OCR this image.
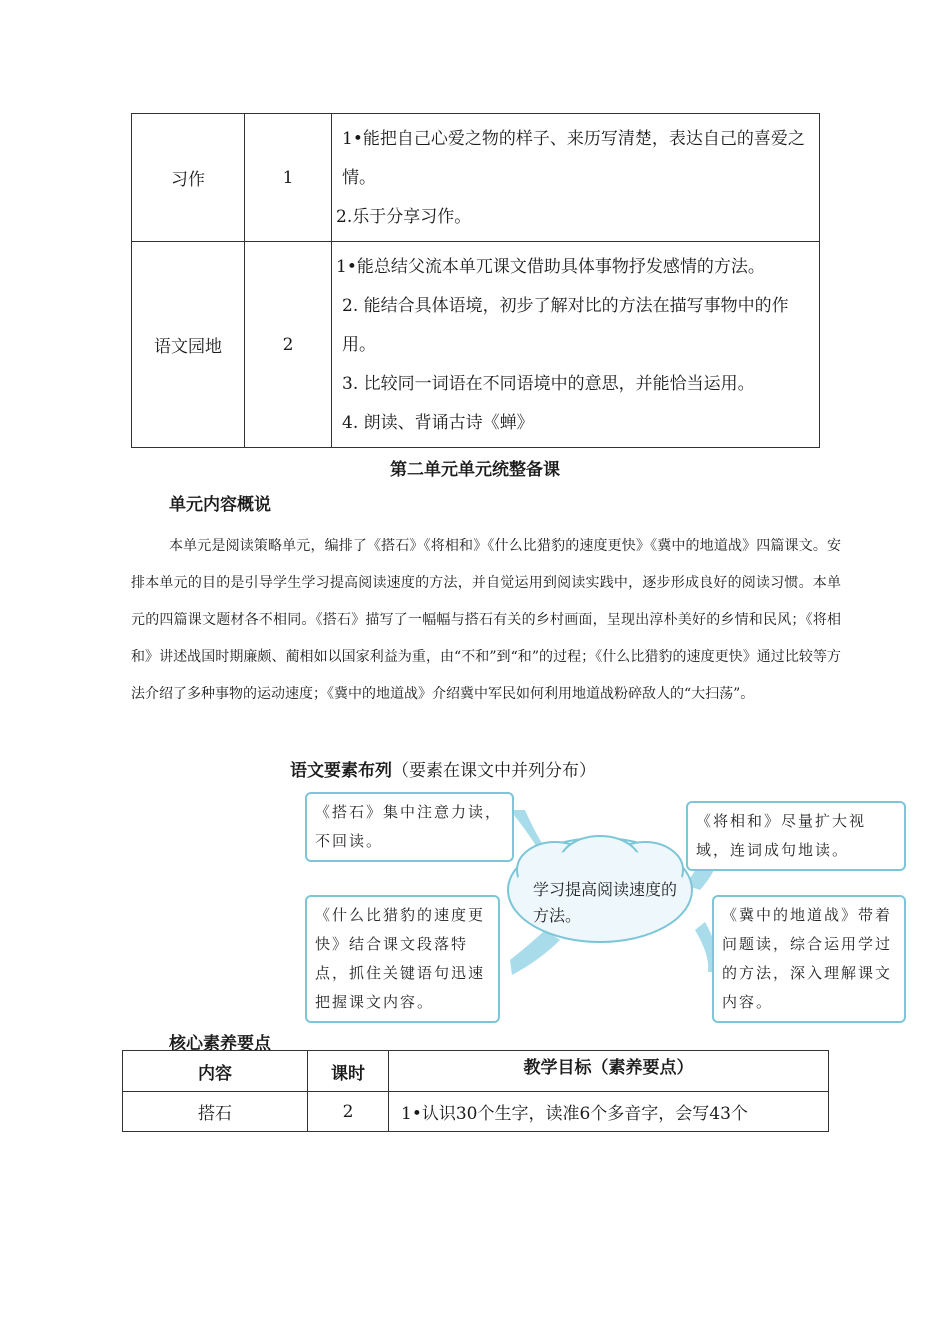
习作	1	1•能把自己心爱之物的样子、来历写清楚，表达自己的喜爱之情。
2.乐于分享习作。
语文园地	2	1•能总结父流本单兀课文借助具体事物抒发感情的方法。
2. 能结合具体语境，初步了解对比的方法在描写事物中的作用。
3. 比较同一词语在不同语境中的意思，并能恰当运用。
4. 朗读、背诵古诗《蝉》
第二单元单元统整备课
单元内容概说
本单元是阅读策略单元，编排了《搭石》《将相和》《什么比猎豹的速度更快》《冀中的地道战》四篇课文。安排本单元的目的是引导学生学习提高阅读速度的方法，并自觉运用到阅读实践中，逐步形成良好的阅读习惯。本单元的四篇课文题材各不相同。《搭石》描写了一幅幅与搭石有关的乡村画面，呈现出淳朴美好的乡情和民风；《将相和》讲述战国时期廉颇、蔺相如以国家利益为重，由“不和”到“和”的过程；《什么比猎豹的速度更快》通过比较等方法介绍了多种事物的运动速度；《冀中的地道战》介绍冀中军民如何利用地道战粉碎敌人的“大扫荡”。
语文要素布列（要素在课文中并列分布）
学习提高阅读速度的方法。
《搭石》集中注意力读，不回读。
《将相和》尽量扩大视域，连词成句地读。
《什么比猎豹的速度更快》结合课文段落特点，抓住关键语句迅速把握课文内容。
《冀中的地道战》带着问题读，综合运用学过的方法，深入理解课文内容。
核心素养要点
内容	课时	教学目标（素养要点）
搭石	2	1•认识30个生字，读准6个多音字，会写43个
